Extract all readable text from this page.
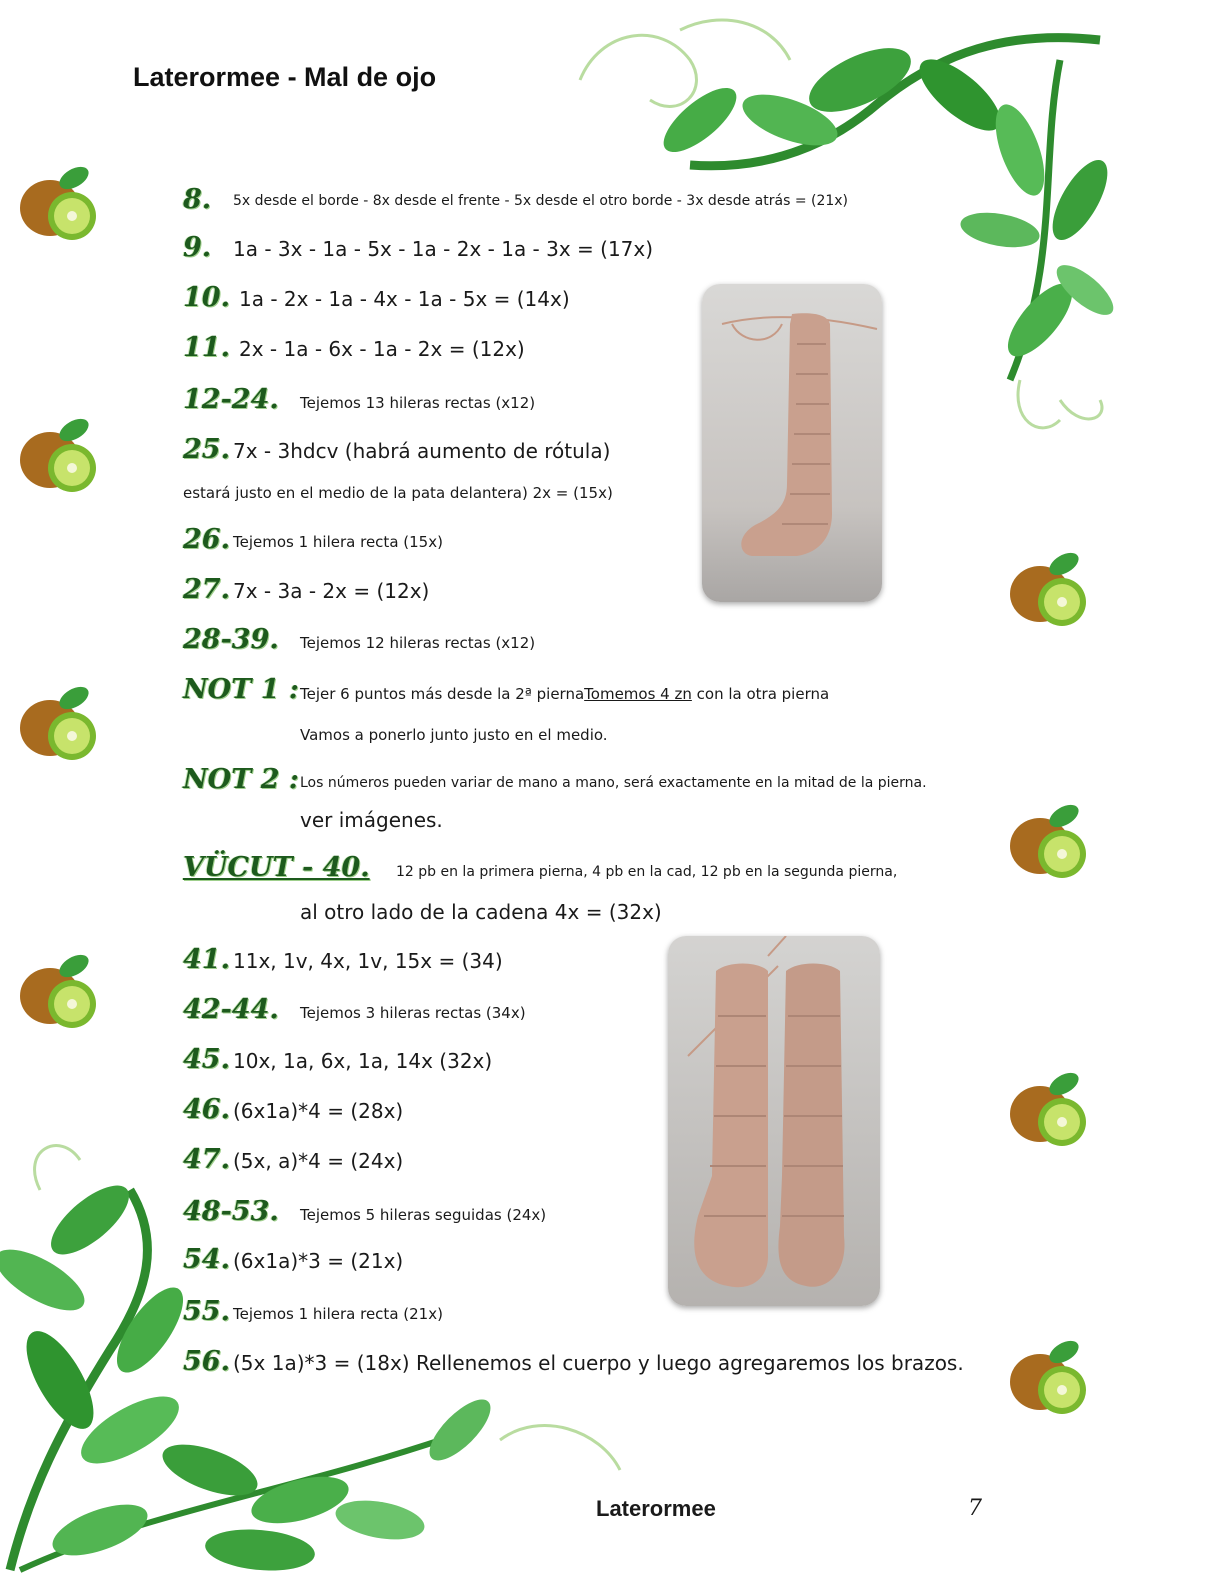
Laterormee - Mal de ojo
8. 5x desde el borde - 8x desde el frente - 5x desde el otro borde - 3x desde atrás = (21x)
9. 1a - 3x - 1a - 5x - 1a - 2x - 1a - 3x = (17x)
10. 1a - 2x - 1a - 4x - 1a - 5x = (14x)
11. 2x - 1a - 6x - 1a - 2x = (12x)
12-24. Tejemos 13 hileras rectas (x12)
25. 7x - 3hdcv (habrá aumento de rótula)
estará justo en el medio de la pata delantera) 2x = (15x)
26. Tejemos 1 hilera recta (15x)
27. 7x - 3a - 2x = (12x)
28-39. Tejemos 12 hileras rectas (x12)
NOT 1 : Tejer 6 puntos más desde la 2ª piernaTomemos 4 zn con la otra pierna
Vamos a ponerlo junto justo en el medio.
NOT 2 : Los números pueden variar de mano a mano, será exactamente en la mitad de la pierna.
ver imágenes.
VÜCUT - 40. 12 pb en la primera pierna, 4 pb en la cad, 12 pb en la segunda pierna,
al otro lado de la cadena 4x = (32x)
41. 11x, 1v, 4x, 1v, 15x = (34)
42-44. Tejemos 3 hileras rectas (34x)
45. 10x, 1a, 6x, 1a, 14x (32x)
46. (6x1a)*4 = (28x)
47. (5x, a)*4 = (24x)
48-53. Tejemos 5 hileras seguidas (24x)
54. (6x1a)*3 = (21x)
55. Tejemos 1 hilera recta (21x)
56. (5x 1a)*3 = (18x) Rellenemos el cuerpo y luego agregaremos los brazos.
Laterormee	7
